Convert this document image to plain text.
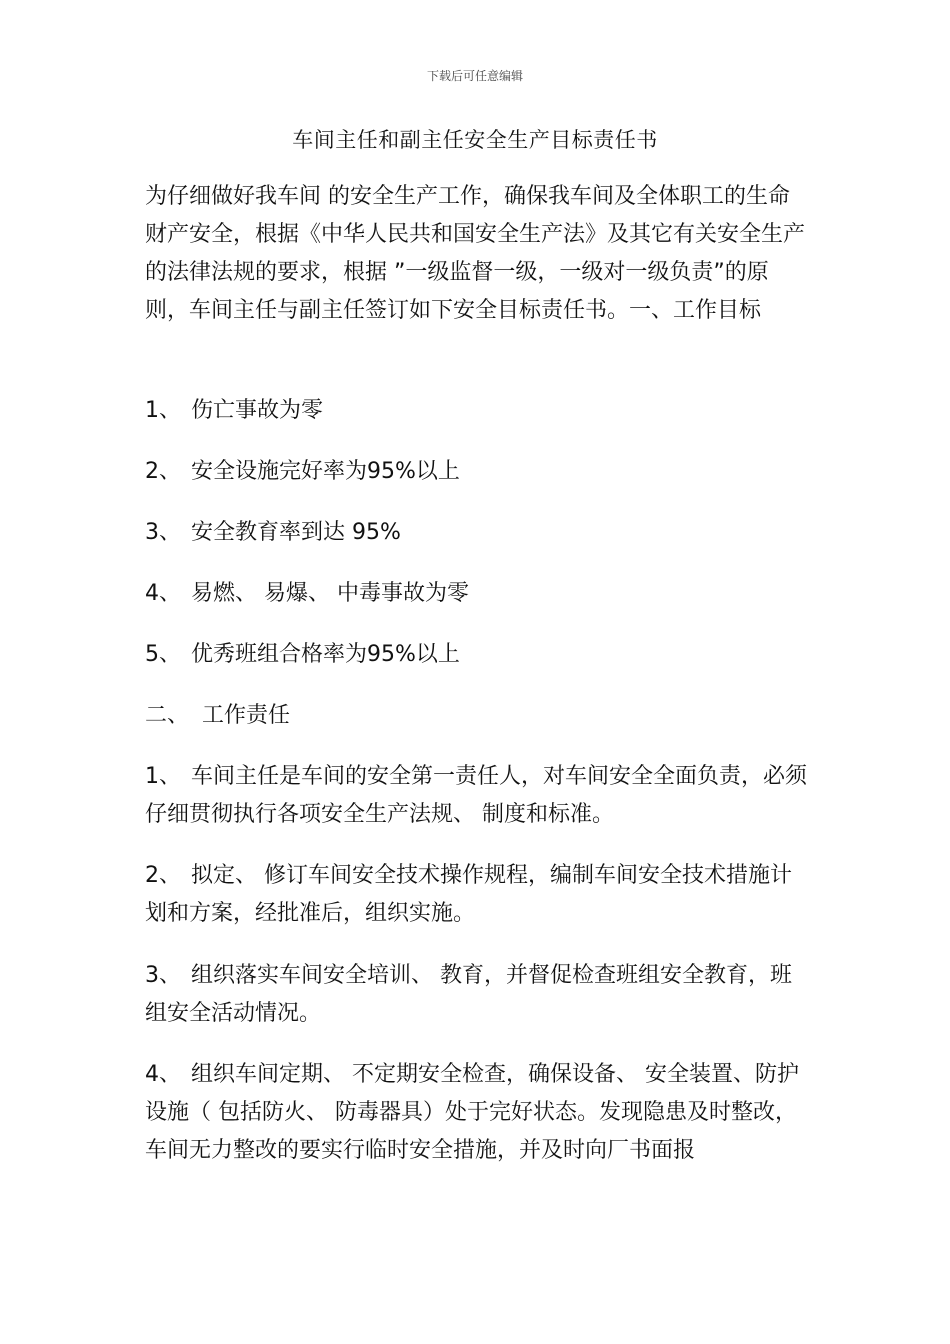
下载后可任意编辑
车间主任和副主任安全生产目标责任书

为仔细做好我车间 的安全生产工作，确保我车间及全体职工的生命财产安全，根据《中华人民共和国安全生产法》及其它有关安全生产的法律法规的要求，根据 ”一级监督一级，一级对一级负责”的原则，车间主任与副主任签订如下安全目标责任书。一、工作目标

1、 伤亡事故为零
2、 安全设施完好率为95%以上
3、 安全教育率到达 95%
4、 易燃、 易爆、 中毒事故为零
5、 优秀班组合格率为95%以上
二、 工作责任

1、 车间主任是车间的安全第一责任人，对车间安全全面负责，必须仔细贯彻执行各项安全生产法规、 制度和标准。

2、 拟定、 修订车间安全技术操作规程，编制车间安全技术措施计划和方案，经批准后，组织实施。

3、 组织落实车间安全培训、 教育，并督促检查班组安全教育，班组安全活动情况。

4、 组织车间定期、 不定期安全检查，确保设备、 安全装置、防护设施（ 包括防火、 防毒器具）处于完好状态。发现隐患及时整改，车间无力整改的要实行临时安全措施，并及时向厂书面报
